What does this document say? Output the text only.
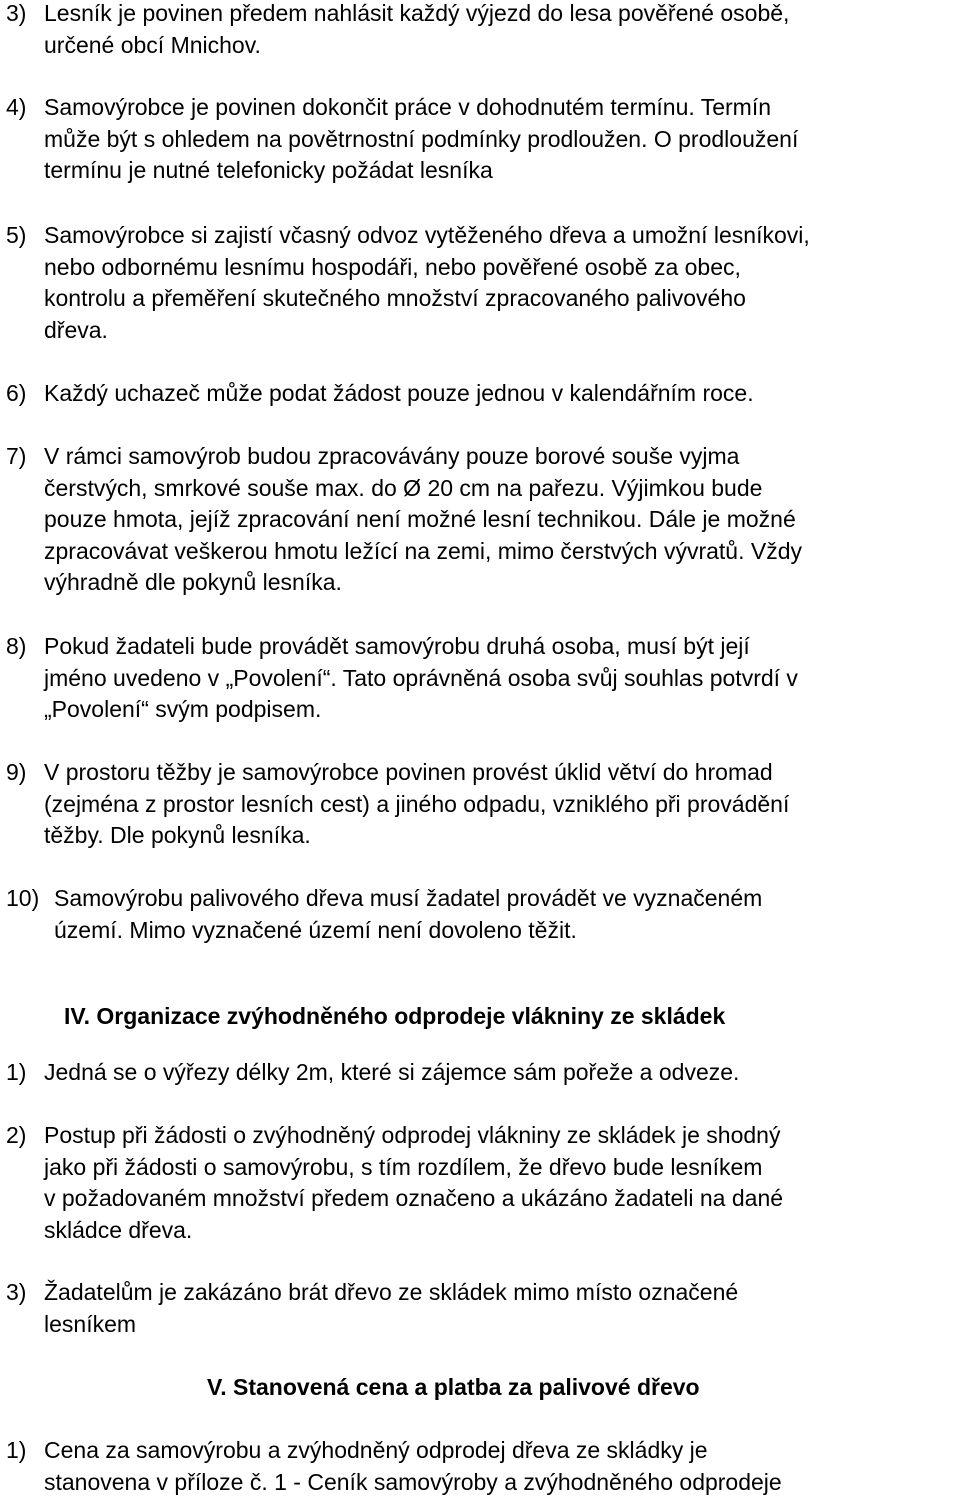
3) Lesník je povinen předem nahlásit každý výjezd do lesa pověřené osobě,
určené obcí Mnichov.
4) Samovýrobce je povinen dokončit práce v dohodnutém termínu. Termín
může být s ohledem na povětrnostní podmínky prodloužen. O prodloužení
termínu je nutné telefonicky požádat lesníka
5) Samovýrobce si zajistí včasný odvoz vytěženého dřeva a umožní lesníkovi,
nebo odbornému lesnímu hospodáři, nebo pověřené osobě za obec,
kontrolu a přeměření skutečného množství zpracovaného palivového
dřeva.
6) Každý uchazeč může podat žádost pouze jednou v kalendářním roce.
7) V rámci samovýrob budou zpracovávány pouze borové souše vyjma
čerstvých, smrkové souše max. do Ø 20 cm na pařezu. Výjimkou bude
pouze hmota, jejíž zpracování není možné lesní technikou. Dále je možné
zpracovávat veškerou hmotu ležící na zemi, mimo čerstvých vývratů. Vždy
výhradně dle pokynů lesníka.
8) Pokud žadateli bude provádět samovýrobu druhá osoba, musí být její
jméno uvedeno v „Povolení“. Tato oprávněná osoba svůj souhlas potvrdí v
„Povolení“ svým podpisem.
9) V prostoru těžby je samovýrobce povinen provést úklid větví do hromad
(zejména z prostor lesních cest) a jiného odpadu, vzniklého při provádění
těžby. Dle pokynů lesníka.
10) Samovýrobu palivového dřeva musí žadatel provádět ve vyznačeném
území. Mimo vyznačené území není dovoleno těžit.
IV. Organizace zvýhodněného odprodeje vlákniny ze skládek
1) Jedná se o výřezy délky 2m, které si zájemce sám pořeže a odveze.
2) Postup při žádosti o zvýhodněný odprodej vlákniny ze skládek je shodný
jako při žádosti o samovýrobu, s tím rozdílem, že dřevo bude lesníkem
v požadovaném množství předem označeno a ukázáno žadateli na dané
skládce dřeva.
3) Žadatelům je zakázáno brát dřevo ze skládek mimo místo označené
lesníkem
V. Stanovená cena a platba za palivové dřevo
1) Cena za samovýrobu a zvýhodněný odprodej dřeva ze skládky je
stanovena v příloze č. 1 - Ceník samovýroby a zvýhodněného odprodeje
